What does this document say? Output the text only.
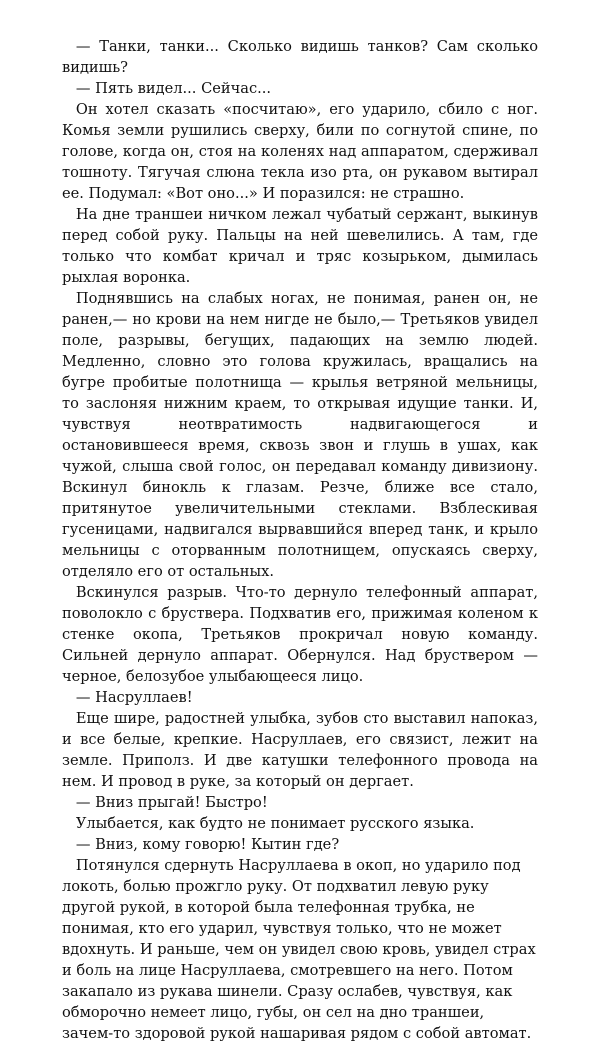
— Танки, танки... Сколько видишь танков? Сам сколько видишь?

— Пять видел... Сейчас...

Он хотел сказать «посчитаю», его ударило, сбило с ног. Комья земли рушились сверху, били по согнутой спине, по голове, когда он, стоя на коленях над аппаратом, сдерживал тошноту. Тягучая слюна текла изо рта, он рукавом вытирал ее. Подумал: «Вот оно...» И поразился: не страшно.

На дне траншеи ничком лежал чубатый сержант, выкинув перед собой руку. Пальцы на ней шевелились. А там, где только что комбат кричал и тряс козырьком, дымилась рыхлая воронка.

Поднявшись на слабых ногах, не понимая, ранен он, не ранен,— но крови на нем нигде не было,— Третьяков увидел поле, разрывы, бегущих, падающих на землю людей. Медленно, словно это голова кружилась, вращались на бугре пробитые полотнища — крылья ветряной мельницы, то заслоняя нижним краем, то открывая идущие танки. И, чувствуя неотвратимость надвигающегося и остановившееся время, сквозь звон и глушь в ушах, как чужой, слыша свой голос, он передавал команду дивизиону. Вскинул бинокль к глазам. Резче, ближе все стало, притянутое увеличительными стеклами. Взблескивая гусеницами, надвигался вырвавшийся вперед танк, и крыло мельницы с оторванным полотнищем, опускаясь сверху, отделяло его от остальных.

Вскинулся разрыв. Что-то дернуло телефонный аппарат, поволокло с бруствера. Подхватив его, прижимая коленом к стенке окопа, Третьяков прокричал новую команду. Сильней дернуло аппарат. Обернулся. Над бруствером — черное, белозубое улыбающееся лицо.

— Насруллаев!

Еще шире, радостней улыбка, зубов сто выставил напоказ, и все белые, крепкие. Насруллаев, его связист, лежит на земле. Приполз. И две катушки телефонного провода на нем. И провод в руке, за который он дергает.

— Вниз прыгай! Быстро!

Улыбается, как будто не понимает русского языка.

— Вниз, кому говорю! Кытин где?

Потянулся сдернуть Насруллаева в окоп, но ударило под локоть, болью прожгло руку. От подхватил левую руку другой рукой, в которой была телефонная трубка, не понимая, кто его ударил, чувствуя только, что не может вдохнуть. И раньше, чем он увидел свою кровь, увидел страх и боль на лице Насруллаева, смотревшего на него. Потом закапало из рукава шинели. Сразу ослабев, чувствуя, как обморочно немеет лицо, губы, он сел на дно траншеи, зачем-то здоровой рукой нашаривая рядом с собой автомат.
